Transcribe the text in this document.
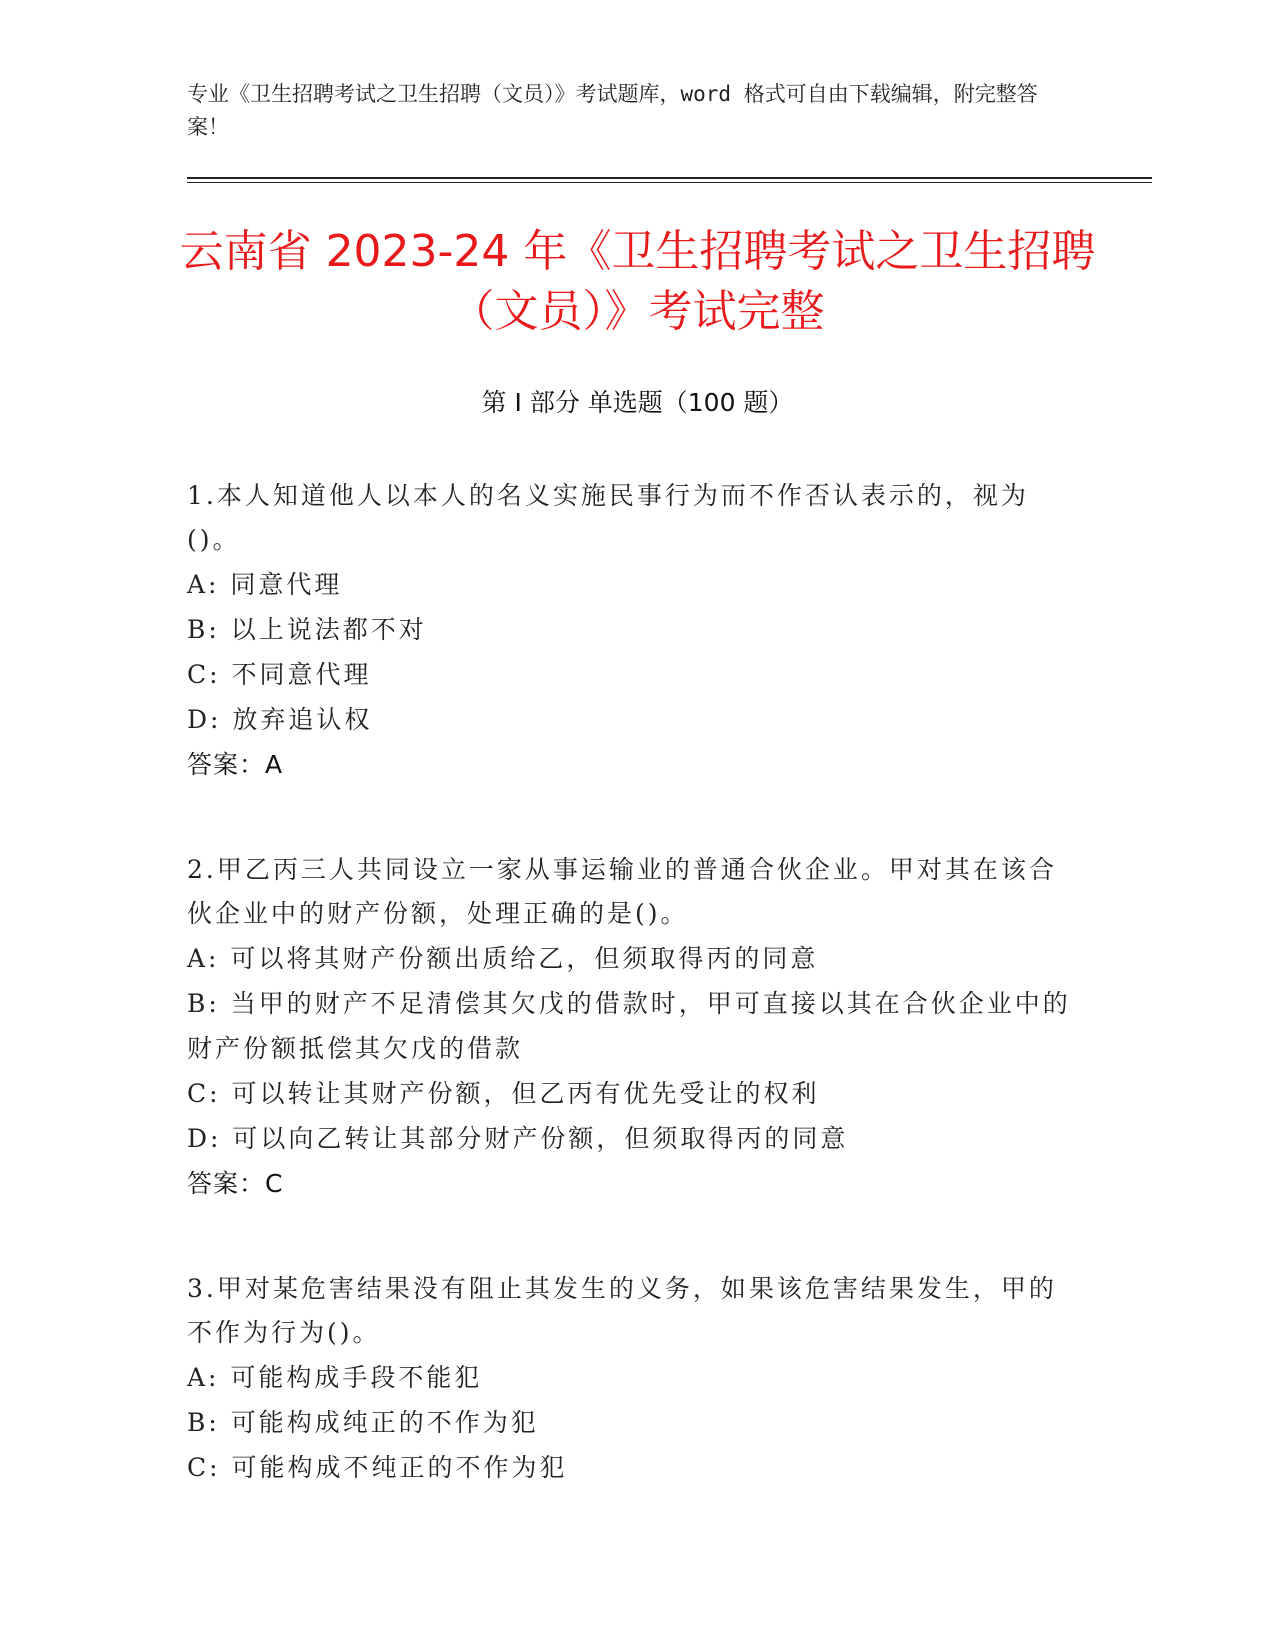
专业《卫生招聘考试之卫生招聘（文员）》考试题库，word 格式可自由下载编辑，附完整答案！
云南省 2023-24 年《卫生招聘考试之卫生招聘（文员）》考试完整
第 I 部分 单选题（100 题）

1.本人知道他人以本人的名义实施民事行为而不作否认表示的，视为()。

A: 同意代理

B: 以上说法都不对

C: 不同意代理

D: 放弃追认权

答案：A

2.甲乙丙三人共同设立一家从事运输业的普通合伙企业。甲对其在该合伙企业中的财产份额，处理正确的是()。

A: 可以将其财产份额出质给乙，但须取得丙的同意

B: 当甲的财产不足清偿其欠戊的借款时，甲可直接以其在合伙企业中的财产份额抵偿其欠戊的借款

C: 可以转让其财产份额，但乙丙有优先受让的权利

D: 可以向乙转让其部分财产份额，但须取得丙的同意

答案：C

3.甲对某危害结果没有阻止其发生的义务，如果该危害结果发生，甲的不作为行为()。

A: 可能构成手段不能犯

B: 可能构成纯正的不作为犯

C: 可能构成不纯正的不作为犯
